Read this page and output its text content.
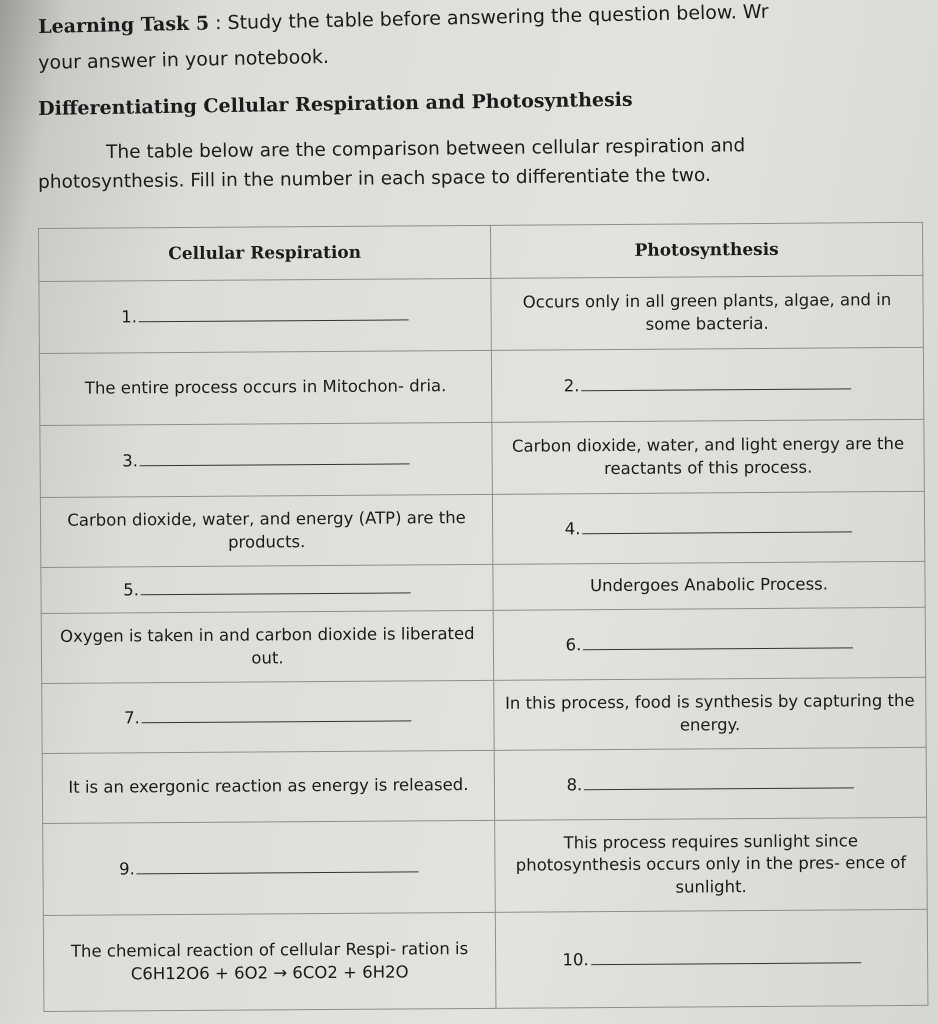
Learning Task 5 : Study the table before answering the question below. Wr
your answer in your notebook.
Differentiating Cellular Respiration and Photosynthesis
The table below are the comparison between cellular respiration and
photosynthesis. Fill in the number in each space to differentiate the two.
Cellular Respiration	Photosynthesis
1.	Occurs only in all green plants, algae, and in some bacteria.
The entire process occurs in Mitochon- dria.	2.
3.	Carbon dioxide, water, and light energy are the reactants of this process.
Carbon dioxide, water, and energy (ATP) are the products.	4.
5.	Undergoes Anabolic Process.
Oxygen is taken in and carbon dioxide is liberated out.	6.
7.	In this process, food is synthesis by capturing the energy.
It is an exergonic reaction as energy is released.	8.
9.	This process requires sunlight since photosynthesis occurs only in the pres- ence of sunlight.
The chemical reaction of cellular Respi- ration is C6H12O6 + 6O2 → 6CO2 + 6H2O	10.
